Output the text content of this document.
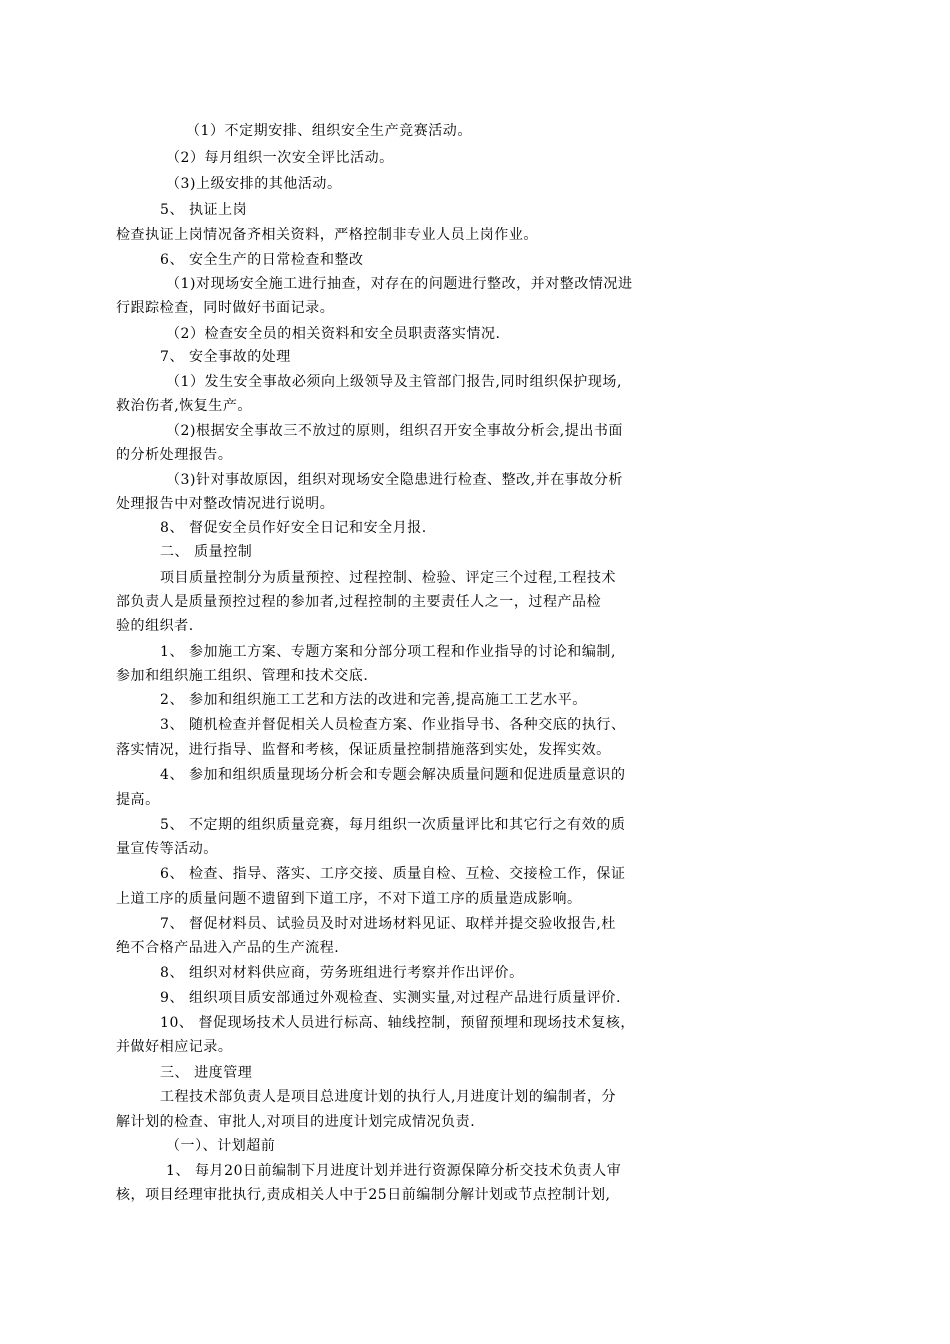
（1）不定期安排、组织安全生产竞赛活动。
（2）每月组织一次安全评比活动。
（3)上级安排的其他活动。
5、 执证上岗
检查执证上岗情况备齐相关资料，严格控制非专业人员上岗作业。
6、 安全生产的日常检查和整改
（1)对现场安全施工进行抽查，对存在的问题进行整改，并对整改情况进
行跟踪检查，同时做好书面记录。
（2）检查安全员的相关资料和安全员职责落实情况.
7、 安全事故的处理
（1）发生安全事故必须向上级领导及主管部门报告,同时组织保护现场,
救治伤者,恢复生产。
（2)根据安全事故三不放过的原则，组织召开安全事故分析会,提出书面
的分析处理报告。
（3)针对事故原因，组织对现场安全隐患进行检查、整改,并在事故分析
处理报告中对整改情况进行说明。
8、 督促安全员作好安全日记和安全月报.
二、 质量控制
项目质量控制分为质量预控、过程控制、检验、评定三个过程,工程技术
部负责人是质量预控过程的参加者,过程控制的主要责任人之一，过程产品检
验的组织者.
1、 参加施工方案、专题方案和分部分项工程和作业指导的讨论和编制,
参加和组织施工组织、管理和技术交底.
2、 参加和组织施工工艺和方法的改进和完善,提高施工工艺水平。
3、 随机检查并督促相关人员检查方案、作业指导书、各种交底的执行、
落实情况，进行指导、监督和考核，保证质量控制措施落到实处，发挥实效。
4、 参加和组织质量现场分析会和专题会解决质量问题和促进质量意识的
提高。
5、 不定期的组织质量竞赛，每月组织一次质量评比和其它行之有效的质
量宣传等活动。
6、 检查、指导、落实、工序交接、质量自检、互检、交接检工作，保证
上道工序的质量问题不遗留到下道工序，不对下道工序的质量造成影响。
7、 督促材料员、试验员及时对进场材料见证、取样并提交验收报告,杜
绝不合格产品进入产品的生产流程.
8、 组织对材料供应商，劳务班组进行考察并作出评价。
9、 组织项目质安部通过外观检查、实测实量,对过程产品进行质量评价.
10、 督促现场技术人员进行标高、轴线控制，预留预埋和现场技术复核，
并做好相应记录。
三、 进度管理
工程技术部负责人是项目总进度计划的执行人,月进度计划的编制者，分
解计划的检查、审批人,对项目的进度计划完成情况负责.
（一）、计划超前
1、 每月20日前编制下月进度计划并进行资源保障分析交技术负责人审
核，项目经理审批执行,责成相关人中于25日前编制分解计划或节点控制计划,
